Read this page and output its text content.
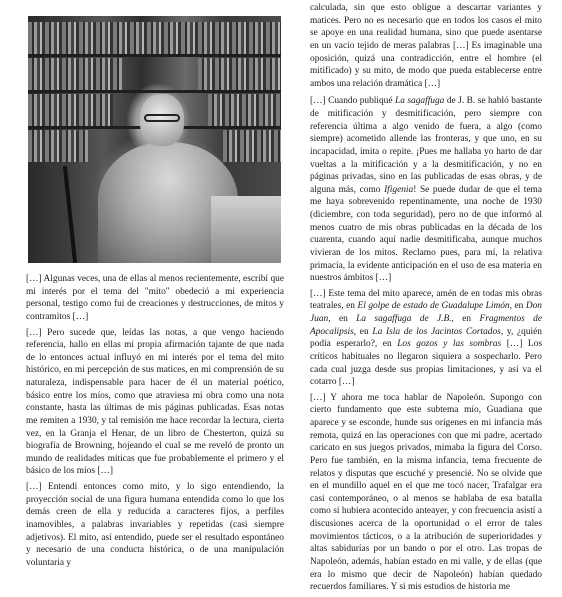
[…] Algunas veces, una de ellas al menos recientemente, escribí que mi interés por el tema del "mito" obedeció a mi experiencia personal, testigo como fui de creaciones y destrucciones, de mitos y contramitos […]

[…] Pero sucede que, leídas las notas, a que vengo haciendo referencia, hallo en ellas mi propia afirmación tajante de que nada de lo entonces actual influyó en mi interés por el tema del mito histórico, en mi percepción de sus matices, en mi comprensión de su naturaleza, indispensable para hacer de él un material poético, básico entre los míos, como que atraviesa mi obra como una nota constante, hasta las últimas de mis páginas publicadas. Esas notas me remiten a 1930, y tal remisión me hace recordar la lectura, cierta vez, en la Granja el Henar, de un libro de Chesterton, quizá su biografía de Browning, hojeando el cual se me reveló de pronto un mundo de realidades míticas que fue probablemente el primero y el básico de los míos […]

[…] Entendí entonces como mito, y lo sigo entendiendo, la proyección social de una figura humana entendida como lo que los demás creen de ella y reducida a caracteres fijos, a perfiles inamovibles, a palabras invariables y repetidas (casi siempre adjetivos). El mito, así entendido, puede ser el resultado espontáneo y necesario de una conducta histórica, o de una manipulación voluntaria y

calculada, sin que esto obligue a descartar variantes y matices. Pero no es necesario que en todos los casos el mito se apoye en una realidad humana, sino que puede asentarse en un vacío tejido de meras palabras […] Es imaginable una oposición, quizá una contradicción, entre el hombre (el mitificado) y su mito, de modo que pueda establecerse entre ambos una relación dramática […]

[…] Cuando publiqué La sagaffuga de J. B. se habló bastante de mitificación y desmitificación, pero siempre con referencia última a algo venido de fuera, a algo (como siempre) acometido allende las fronteras, y que uno, en su incapacidad, imita o repite. ¡Pues me hallaba yo harto de dar vueltas a la mitificación y a la desmitificación, y no en páginas privadas, sino en las publicadas de esas obras, y de alguna más, como Ifigenia! Se puede dudar de que el tema me haya sobrevenido repentinamente, una noche de 1930 (diciembre, con toda seguridad), pero no de que informó al menos cuatro de mis obras publicadas en la década de los cuarenta, cuando aquí nadie desmitificaba, aunque muchos vivieran de los mitos. Reclamo pues, para mí, la relativa primacía, la evidente anticipación en el uso de esa materia en nuestros ámbitos […]

[…] Este tema del mito aparece, amén de en todas mis obras teatrales, en El golpe de estado de Guadalupe Limón, en Don Juan, en La sagaffuga de J.B., en Fragmentos de Apocalipsis, en La Isla de los Jacintos Cortados, y, ¿quién podía esperarlo?, en Los gozos y las sombras […] Los críticos habituales no llegaron siquiera a sospecharlo. Pero cada cual juzga desde sus propias limitaciones, y así va el cotarro […]

[…] Y ahora me toca hablar de Napoleón. Supongo con cierto fundamento que este subtema mío, Guadiana que aparece y se esconde, hunde sus orígenes en mi infancia más remota, quizá en las operaciones con que mi padre, acertado caricato en sus juegos privados, mimaba la figura del Corso. Pero fue también, en la misma infancia, tema frecuente de relatos y disputas que escuché y presencié. No se olvide que en el mundillo aquel en el que me tocó nacer, Trafalgar era casi contemporáneo, o al menos se hablaba de esa batalla como si hubiera acontecido anteayer, y con frecuencia asistí a discusiones acerca de la oportunidad o el error de tales movimientos tácticos, o a la atribución de superioridades y altas sabidurías por un bando o por el otro. Las tropas de Napoleón, además, habían estado en mi valle, y de ellas (que era lo mismo que decir de Napoleón) habían quedado recuerdos familiares. Y si mis estudios de historia me
